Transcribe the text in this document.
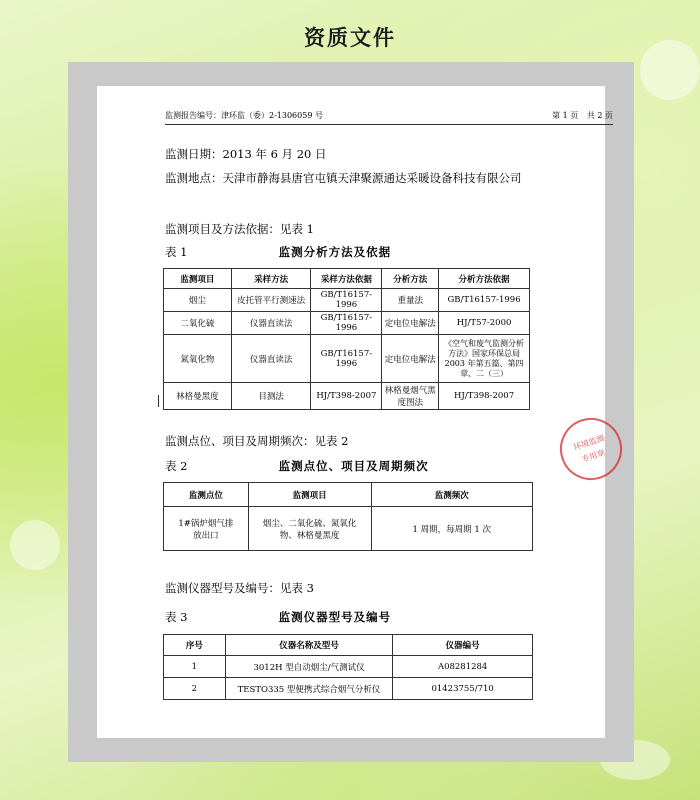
资质文件
监测报告编号：津环监（委）2-1306059 号	第 1 页 共 2 页
监测日期：2013 年 6 月 20 日
监测地点：天津市静海县唐官屯镇天津聚源通达采暖设备科技有限公司
监测项目及方法依据：见表 1
表 1	监测分析方法及依据
监测项目	采样方法	采样方法依据	分析方法	分析方法依据
烟尘	皮托管平行测速法	GB/T16157-1996	重量法	GB/T16157-1996
二氧化硫	仪器直读法	GB/T16157-1996	定电位电解法	HJ/T57-2000
氮氧化物	仪器直读法	GB/T16157-1996	定电位电解法	《空气和废气监测分析方法》国家环保总局 2003 年第五篇、第四章、二（三）
林格曼黑度	目测法	HJ/T398-2007	林格曼烟气黑度图法	HJ/T398-2007
监测点位、项目及周期频次：见表 2
表 2	监测点位、项目及周期频次
监测点位	监测项目	监测频次
1#锅炉烟气排放出口	烟尘、二氧化硫、氮氧化物、林格曼黑度	1 周期，每周期 1 次
环境监测
专用章
监测仪器型号及编号：见表 3
表 3	监测仪器型号及编号
序号	仪器名称及型号	仪器编号
1	3012H 型自动烟尘/气测试仪	A08281284
2	TESTO335 型便携式综合烟气分析仪	01423755/710
